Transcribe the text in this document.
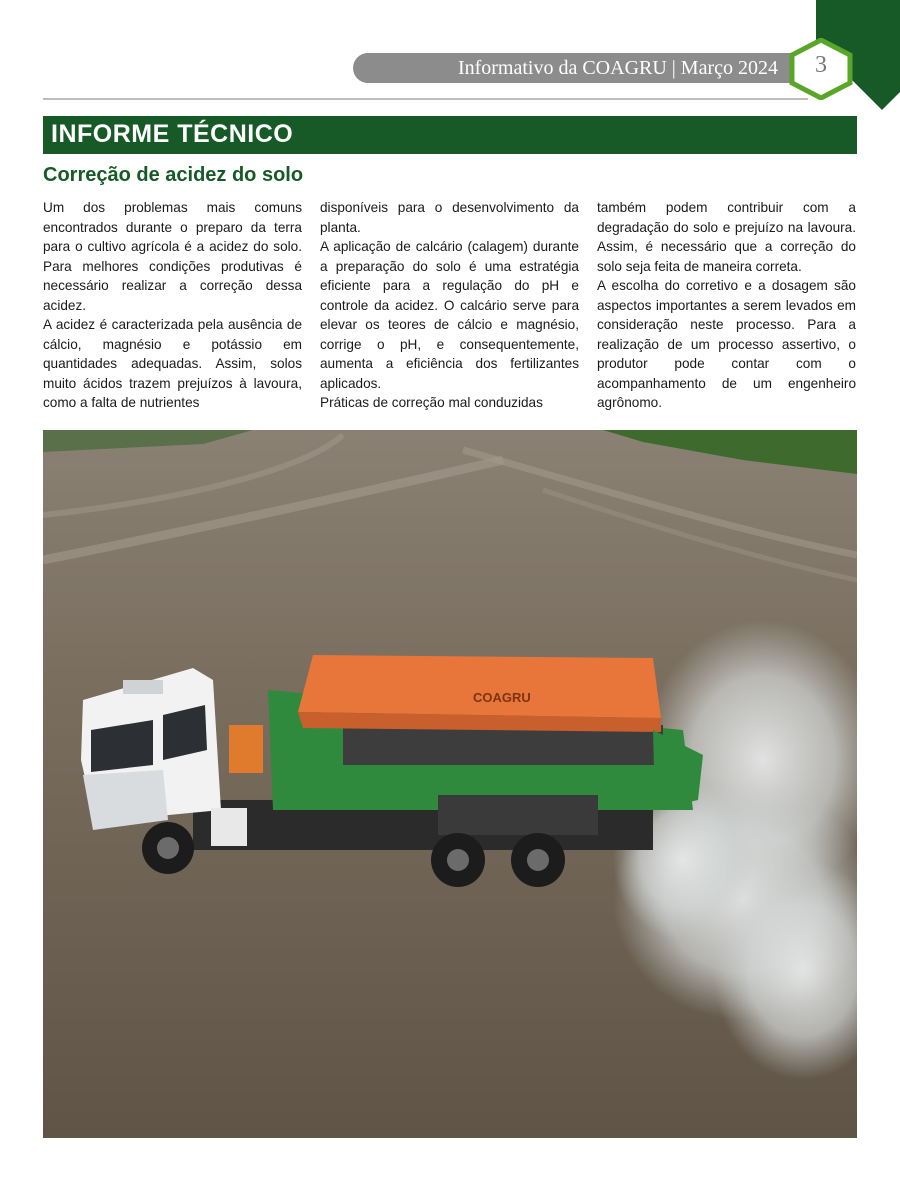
Informativo da COAGRU | Março 2024	3
INFORME TÉCNICO
Correção de acidez do solo

Um dos problemas mais comuns encontrados durante o preparo da terra para o cultivo agrícola é a acidez do solo. Para melhores condições produtivas é necessário realizar a correção dessa acidez.

A acidez é caracterizada pela ausência de cálcio, magnésio e potássio em quantidades adequadas. Assim, solos muito ácidos trazem prejuízos à lavoura, como a falta de nutrientes

disponíveis para o desenvolvimento da planta.

A aplicação de calcário (calagem) durante a preparação do solo é uma estratégia eficiente para a regulação do pH e controle da acidez. O calcário serve para elevar os teores de cálcio e magnésio, corrige o pH, e consequentemente, aumenta a eficiência dos fertilizantes aplicados.

Práticas de correção mal conduzidas

também podem contribuir com a degradação do solo e prejuízo na lavoura. Assim, é necessário que a correção do solo seja feita de maneira correta.

A escolha do corretivo e a dosagem são aspectos importantes a serem levados em consideração neste processo. Para a realização de um processo assertivo, o produtor pode contar com o acompanhamento de um engenheiro agrônomo.

COAGRU
